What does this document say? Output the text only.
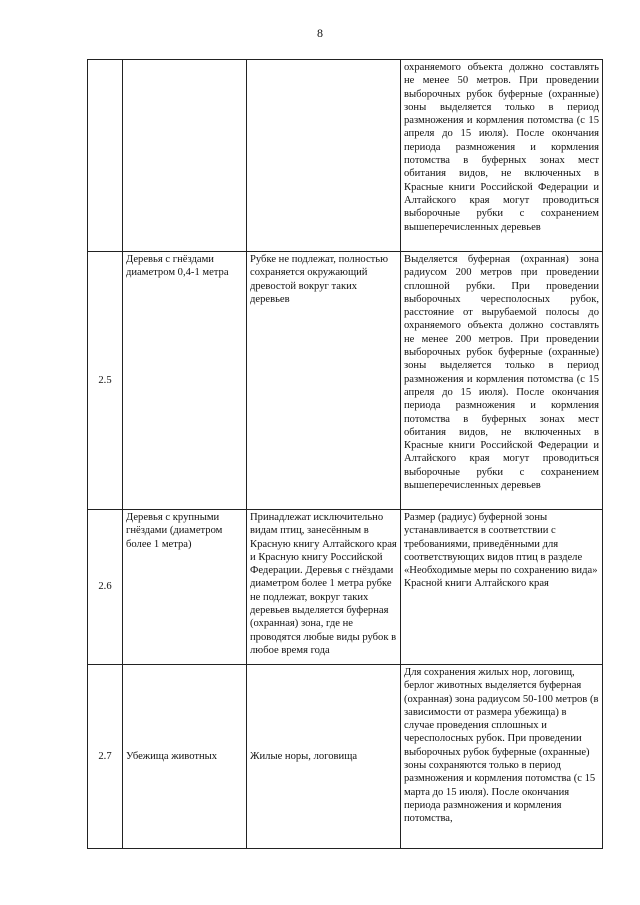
8
			охраняемого объекта должно составлять не менее 50 метров. При проведении выборочных рубок буферные (охранные) зоны выделяется только в период размножения и кормления потомства (с 15 апреля до 15 июля). После окончания периода размножения и кормления потомства в буферных зонах мест обитания видов, не включенных в Красные книги Российской Федерации и Алтайского края могут проводиться выборочные рубки с сохранением вышеперечисленных деревьев
2.5	Деревья с гнёздами диаметром 0,4-1 метра	Рубке не подлежат, полностью сохраняется окружающий древостой вокруг таких деревьев	Выделяется буферная (охранная) зона радиусом 200 метров при проведении сплошной рубки. При проведении выборочных чересполосных рубок, расстояние от вырубаемой полосы до охраняемого объекта должно составлять не менее 200 метров. При проведении выборочных рубок буферные (охранные) зоны выделяется только в период размножения и кормления потомства (с 15 апреля до 15 июля). После окончания периода размножения и кормления потомства в буферных зонах мест обитания видов, не включенных в Красные книги Российской Федерации и Алтайского края могут проводиться выборочные рубки с сохранением вышеперечисленных деревьев
2.6	Деревья с крупными гнёздами (диаметром более 1 метра)	Принадлежат исключительно видам птиц, занесённым в Красную книгу Алтайского края и Красную книгу Российской Федерации. Деревья с гнёздами диаметром более 1 метра рубке не подлежат, вокруг таких деревьев выделяется буферная (охранная) зона, где не проводятся любые виды рубок в любое время года	Размер (радиус) буферной зоны устанавливается в соответствии с требованиями, приведёнными для соответствующих видов птиц в разделе «Необходимые меры по сохранению вида» Красной книги Алтайского края
2.7	Убежища животных	Жилые норы, логовища	Для сохранения жилых нор, логовищ, берлог животных выделяется буферная (охранная) зона радиусом 50-100 метров (в зависимости от размера убежища) в случае проведения сплошных и чересполосных рубок. При проведении выборочных рубок буферные (охранные) зоны сохраняются только в период размножения и кормления потомства (с 15 марта до 15 июля). После окончания периода размножения и кормления потомства,
